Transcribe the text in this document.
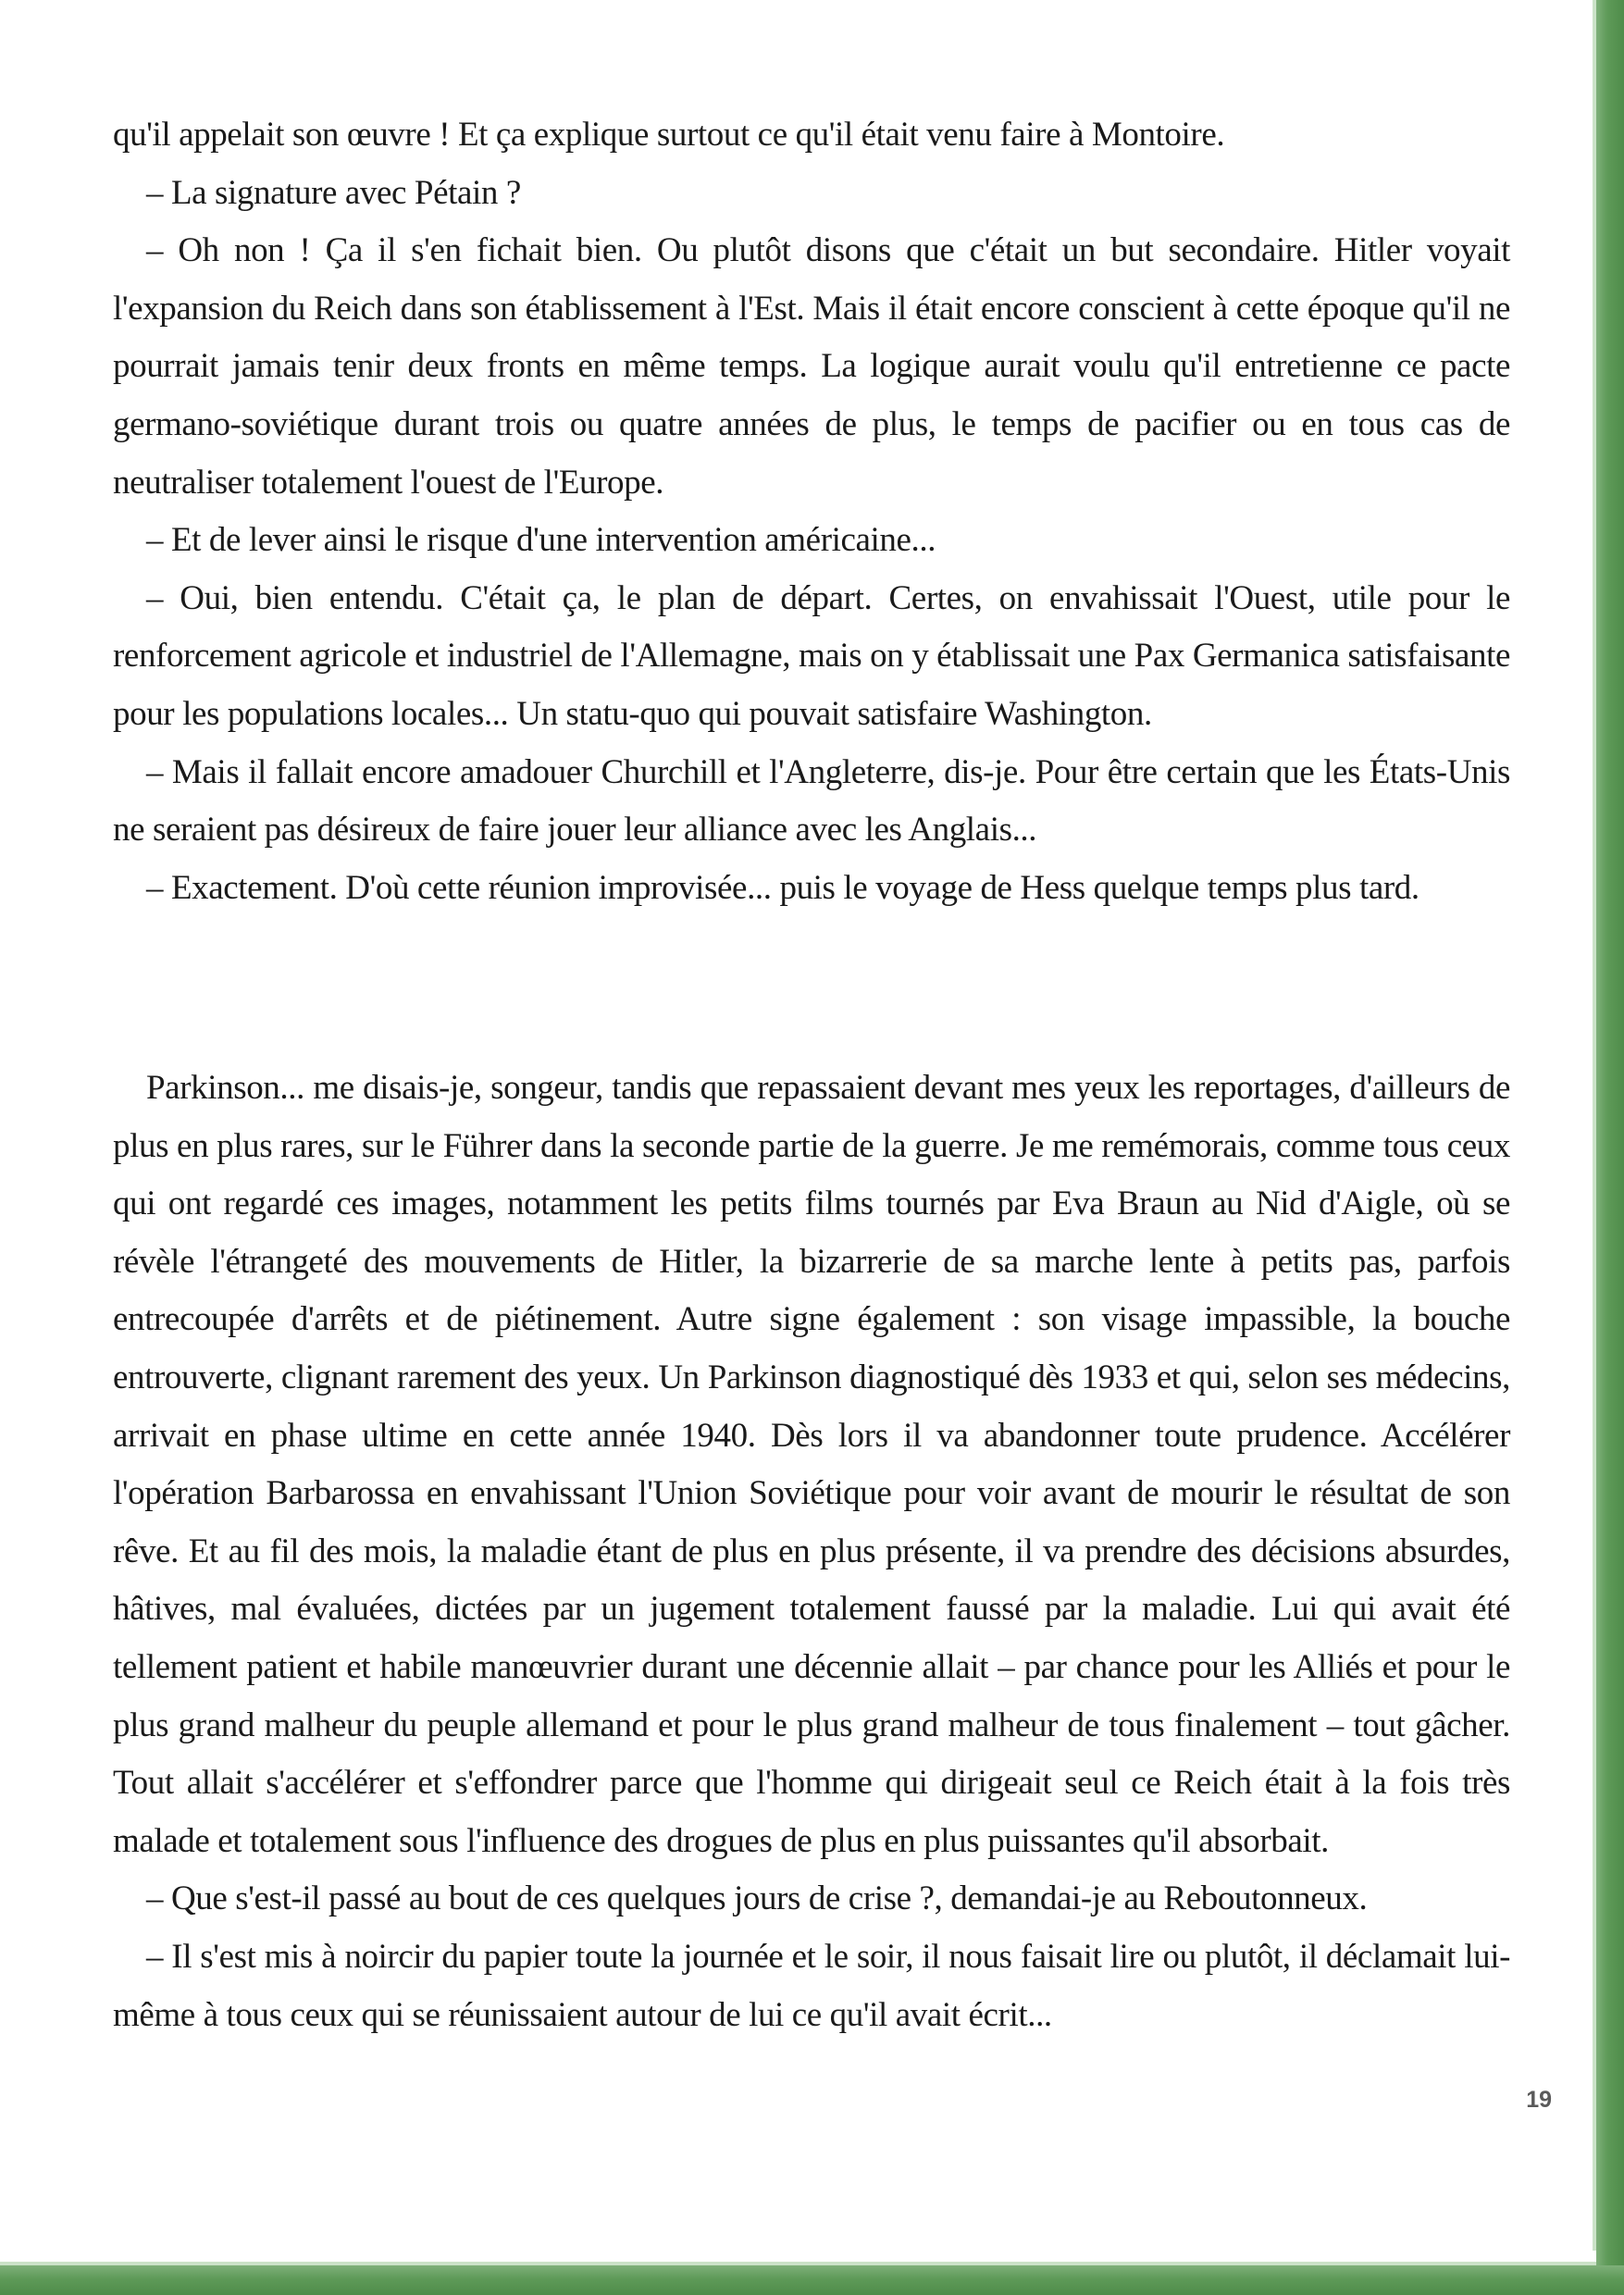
qu'il appelait son œuvre ! Et ça explique surtout ce qu'il était venu faire à Montoire.

– La signature avec Pétain ?

– Oh non ! Ça il s'en fichait bien. Ou plutôt disons que c'était un but secondaire. Hitler voyait l'expansion du Reich dans son établissement à l'Est. Mais il était encore conscient à cette époque qu'il ne pourrait jamais tenir deux fronts en même temps. La logique aurait voulu qu'il entretienne ce pacte germano-soviétique durant trois ou quatre années de plus, le temps de pacifier ou en tous cas de neutraliser totalement l'ouest de l'Europe.

– Et de lever ainsi le risque d'une intervention américaine...

– Oui, bien entendu. C'était ça, le plan de départ. Certes, on envahissait l'Ouest, utile pour le renforcement agricole et industriel de l'Allemagne, mais on y établissait une Pax Germanica satisfaisante pour les populations locales... Un statu-quo qui pouvait satisfaire Washington.

– Mais il fallait encore amadouer Churchill et l'Angleterre, dis-je. Pour être certain que les États-Unis ne seraient pas désireux de faire jouer leur alliance avec les Anglais...

– Exactement. D'où cette réunion improvisée... puis le voyage de Hess quelque temps plus tard.

Parkinson... me disais-je, songeur, tandis que repassaient devant mes yeux les reportages, d'ailleurs de plus en plus rares, sur le Führer dans la seconde partie de la guerre. Je me remémorais, comme tous ceux qui ont regardé ces images, notamment les petits films tournés par Eva Braun au Nid d'Aigle, où se révèle l'étrangeté des mouvements de Hitler, la bizarrerie de sa marche lente à petits pas, parfois entrecoupée d'arrêts et de piétinement. Autre signe également : son visage impassible, la bouche entrouverte, clignant rarement des yeux. Un Parkinson diagnostiqué dès 1933 et qui, selon ses médecins, arrivait en phase ultime en cette année 1940. Dès lors il va abandonner toute prudence. Accélérer l'opération Barbarossa en envahissant l'Union Soviétique pour voir avant de mourir le résultat de son rêve. Et au fil des mois, la maladie étant de plus en plus présente, il va prendre des décisions absurdes, hâtives, mal évaluées, dictées par un jugement totalement faussé par la maladie. Lui qui avait été tellement patient et habile manœuvrier durant une décennie allait – par chance pour les Alliés et pour le plus grand malheur du peuple allemand et pour le plus grand malheur de tous finalement – tout gâcher. Tout allait s'accélérer et s'effondrer parce que l'homme qui dirigeait seul ce Reich était à la fois très malade et totalement sous l'influence des drogues de plus en plus puissantes qu'il absorbait.

– Que s'est-il passé au bout de ces quelques jours de crise ?, demandai-je au Reboutonneux.

– Il s'est mis à noircir du papier toute la journée et le soir, il nous faisait lire ou plutôt, il déclamait lui-même à tous ceux qui se réunissaient autour de lui ce qu'il avait écrit...

19
